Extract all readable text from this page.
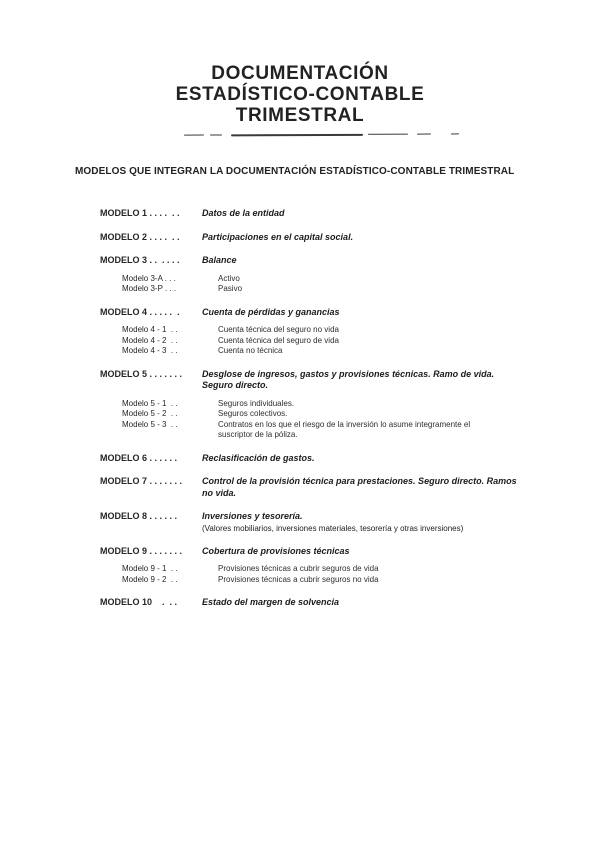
DOCUMENTACIÓN
ESTADÍSTICO-CONTABLE
TRIMESTRAL
MODELOS QUE INTEGRAN LA DOCUMENTACIÓN ESTADÍSTICO-CONTABLE TRIMESTRAL
MODELO 1 . . . .  . . Datos de la entidad
MODELO 2 . . . .  . . Participaciones en el capital social.
MODELO 3 . .  . . . . Balance
Modelo 3-A . . .	Activo
Modelo 3-P . . .	Pasivo
MODELO 4 . . . . .  . Cuenta de pérdidas y ganancias
Modelo 4 - 1  . .	Cuenta técnica del seguro no vida
Modelo 4 - 2  . .	Cuenta técnica del seguro de vida
Modelo 4 - 3  . .	Cuenta no técnica
MODELO 5 . . . . . . . Desglose de ingresos, gastos y provisiones técnicas. Ramo de vida.
Seguro directo.
Modelo 5 - 1  . .	Seguros individuales.
Modelo 5 - 2  . .	Seguros colectivos.
Modelo 5 - 3  . .	Contratos en los que el riesgo de la inversión lo asume integramente el
suscriptor de la póliza.
MODELO 6 . . . . . .	Reclasificación de gastos.
MODELO 7 . . . . . . . Control de la provisión técnica para prestaciones. Seguro directo. Ramos
no vida.
MODELO 8 . . . . . .	Inversiones y tesorería.
(Valores mobiliarios, inversiones materiales, tesorería y otras inversiones)
MODELO 9 . . . . . . . Cobertura de provisiones técnicas
Modelo 9 - 1  . .	Provisiones técnicas a cubrir seguros de vida
Modelo 9 - 2  . .	Provisiones técnicas a cubrir seguros no vida
MODELO 10    .  . .	Estado del margen de solvencia
